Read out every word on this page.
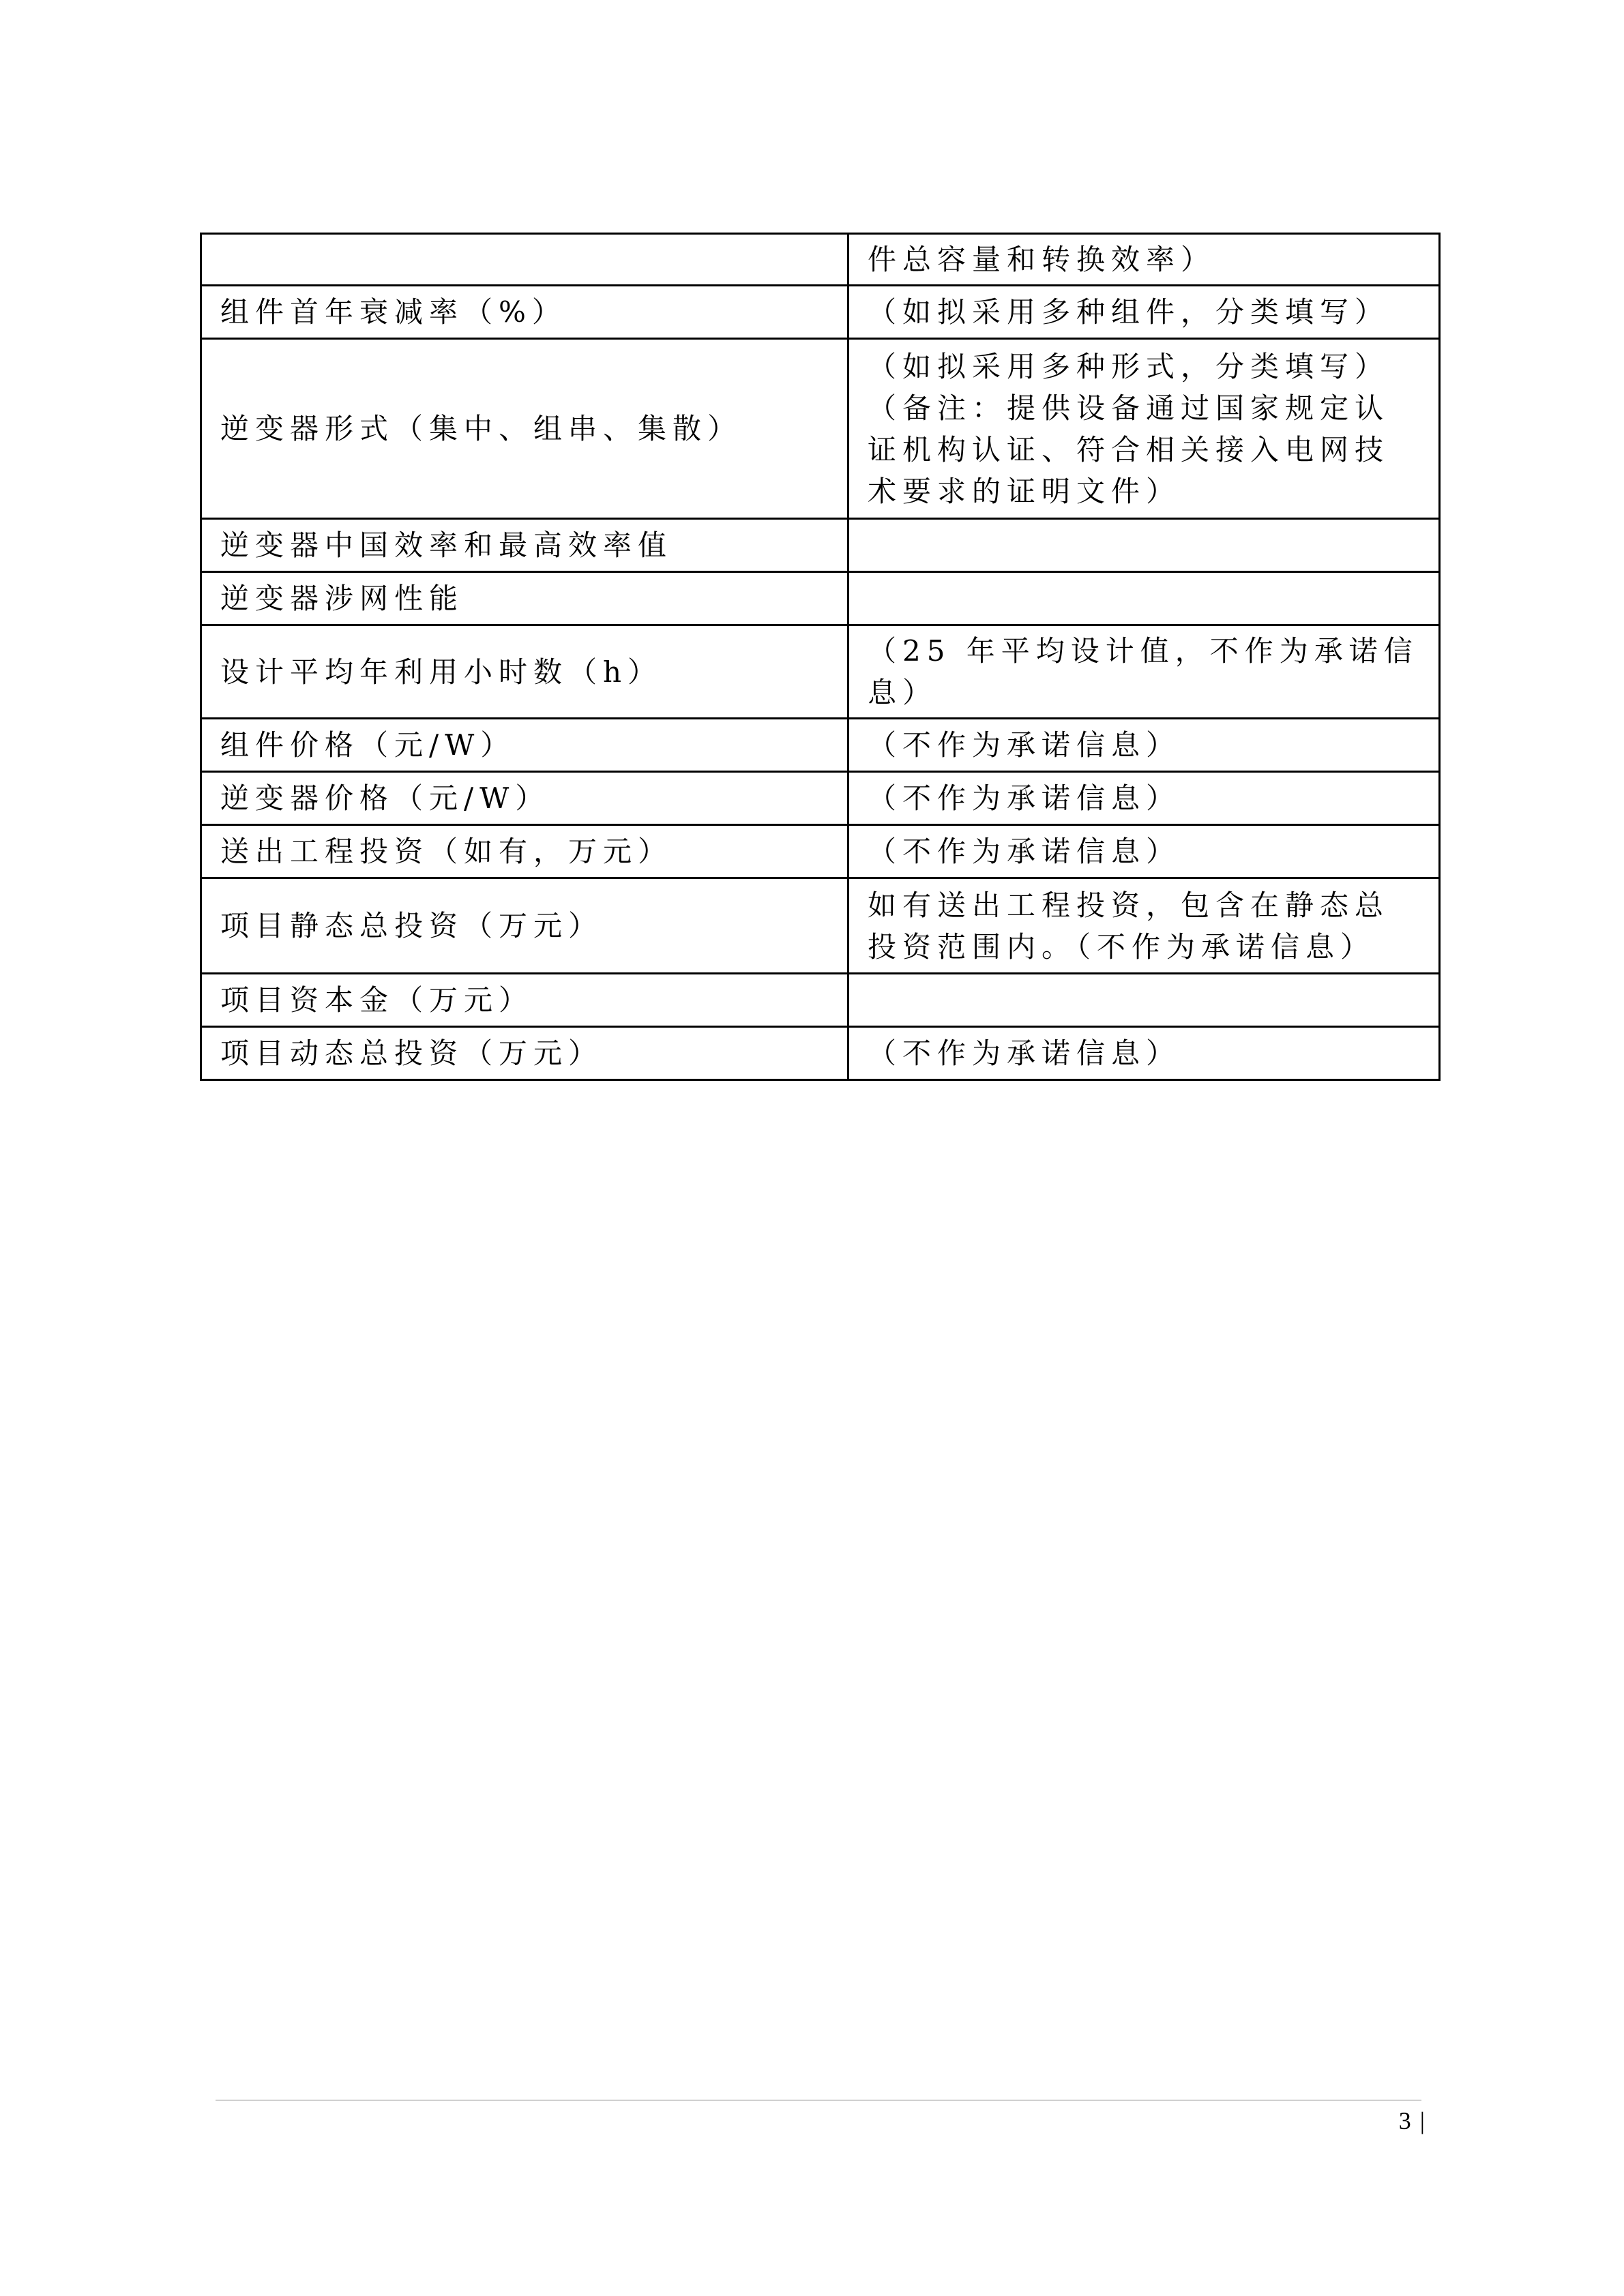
	件总容量和转换效率）
组件首年衰减率（%）	（如拟采用多种组件，分类填写）
逆变器形式（集中、组串、集散）	（如拟采用多种形式，分类填写）（备注：提供设备通过国家规定认证机构认证、符合相关接入电网技术要求的证明文件）
逆变器中国效率和最高效率值	
逆变器涉网性能	
设计平均年利用小时数（h）	（25 年平均设计值，不作为承诺信息）
组件价格（元/W）	（不作为承诺信息）
逆变器价格（元/W）	（不作为承诺信息）
送出工程投资（如有，万元）	（不作为承诺信息）
项目静态总投资（万元）	如有送出工程投资，包含在静态总投资范围内。（不作为承诺信息）
项目资本金（万元）	
项目动态总投资（万元）	（不作为承诺信息）
3 |
